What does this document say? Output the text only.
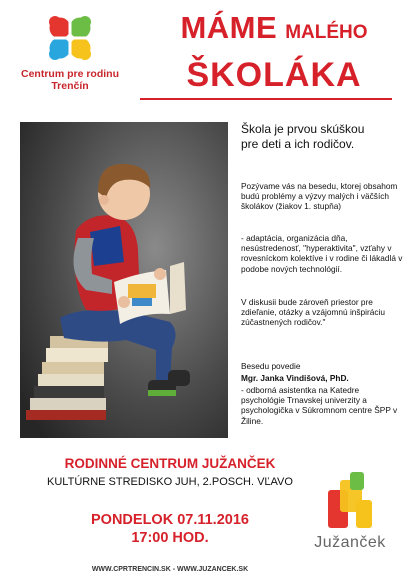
Centrum pre rodinu
Trenčín
MÁME MALÉHO
ŠKOLÁKA
Škola je prvou skúškou
pre deti a ich rodičov.
Pozývame vás na besedu, ktorej obsahom budú problémy a výzvy malých i väčších školákov (žiakov 1. stupňa)
- adaptácia, organizácia dňa, nesústredenosť, "hyperaktivita", vzťahy v rovesníckom kolektíve i v rodine či lákadlá v podobe nových technológií.
V diskusii bude zároveň priestor pre zdieľanie, otázky a vzájomnú inšpiráciu zúčastnených rodičov."
Besedu povedie
Mgr. Janka Vindišová, PhD.
- odborná asistentka na Katedre psychológie Trnavskej univerzity a psychologička v Súkromnom centre ŠPP v Žiline.
RODINNÉ CENTRUM JUŽANČEK
KULTÚRNE STREDISKO JUH, 2.POSCH. VĽAVO
PONDELOK 07.11.2016
17:00 HOD.
WWW.CPRTRENCIN.SK - WWW.JUZANCEK.SK
Južanček
